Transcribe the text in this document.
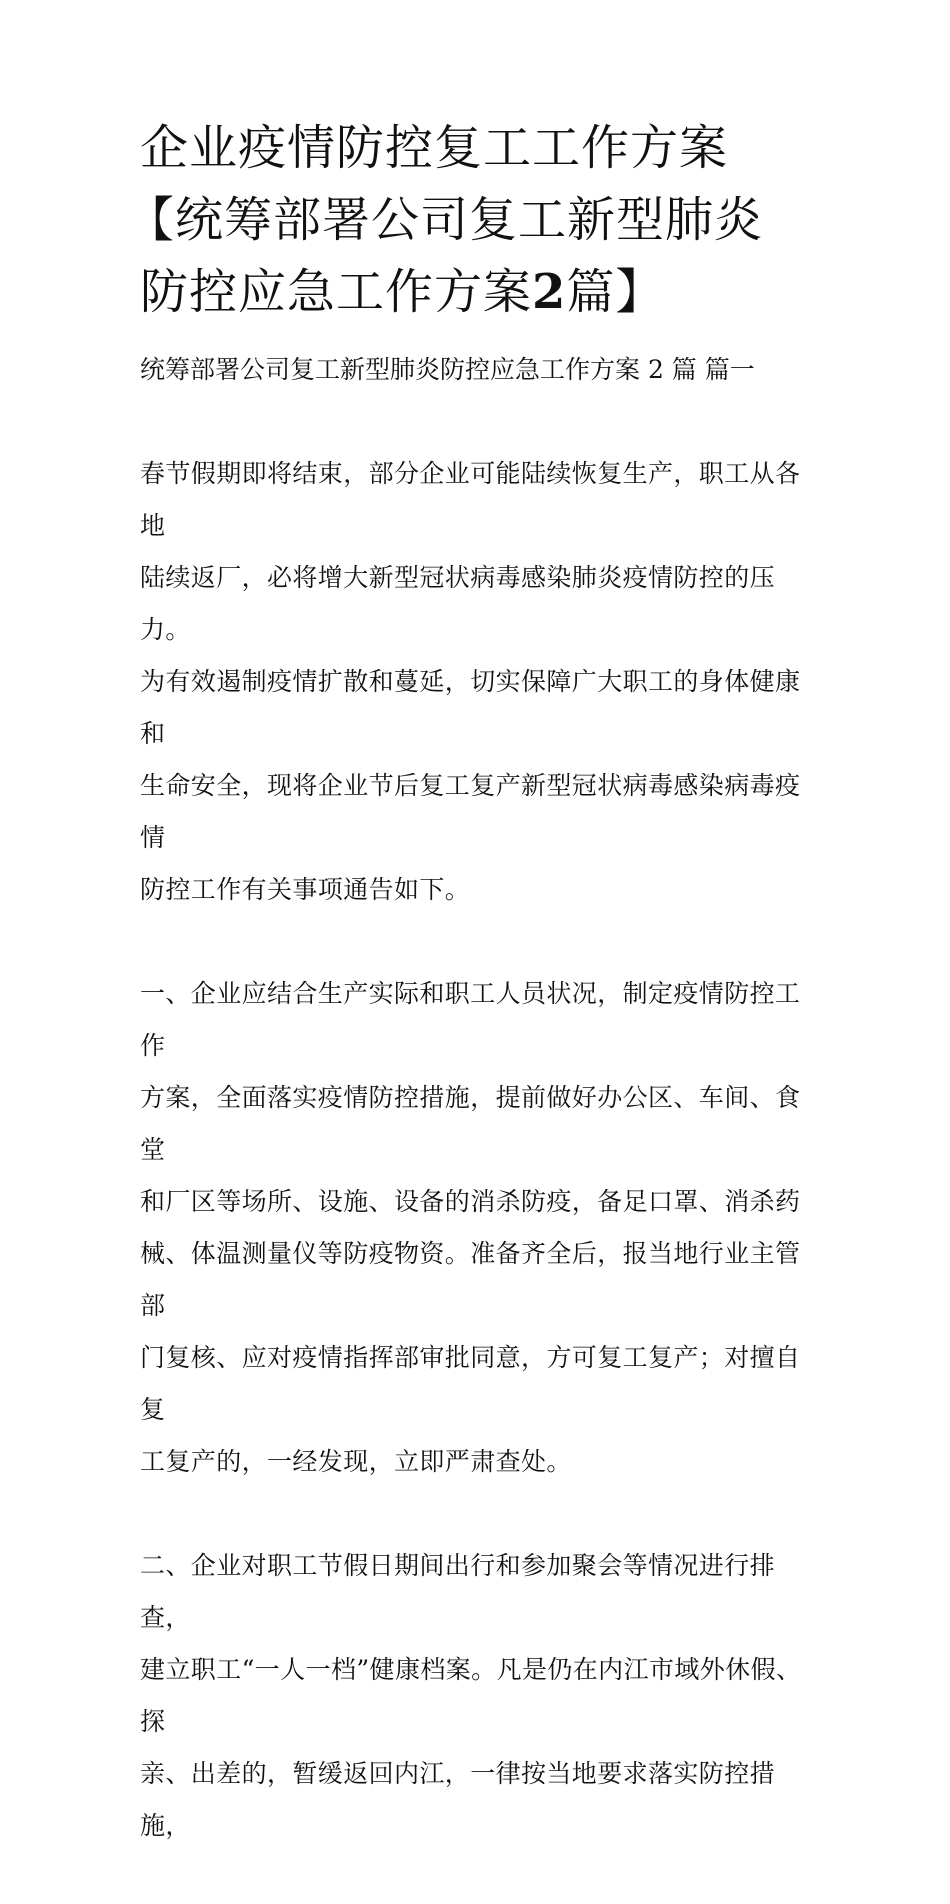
企业疫情防控复工工作方案
【统筹部署公司复工新型肺炎
防控应急工作方案2篇】

统筹部署公司复工新型肺炎防控应急工作方案 2 篇 篇一

春节假期即将结束，部分企业可能陆续恢复生产，职工从各地
陆续返厂，必将增大新型冠状病毒感染肺炎疫情防控的压力。
为有效遏制疫情扩散和蔓延，切实保障广大职工的身体健康和
生命安全，现将企业节后复工复产新型冠状病毒感染病毒疫情
防控工作有关事项通告如下。

一、企业应结合生产实际和职工人员状况，制定疫情防控工作
方案，全面落实疫情防控措施，提前做好办公区、车间、食堂
和厂区等场所、设施、设备的消杀防疫，备足口罩、消杀药
械、体温测量仪等防疫物资。准备齐全后，报当地行业主管部
门复核、应对疫情指挥部审批同意，方可复工复产；对擅自复
工复产的，一经发现，立即严肃查处。

二、企业对职工节假日期间出行和参加聚会等情况进行排查，
建立职工“一人一档”健康档案。凡是仍在内江市域外休假、探
亲、出差的，暂缓返回内江，一律按当地要求落实防控措施，
